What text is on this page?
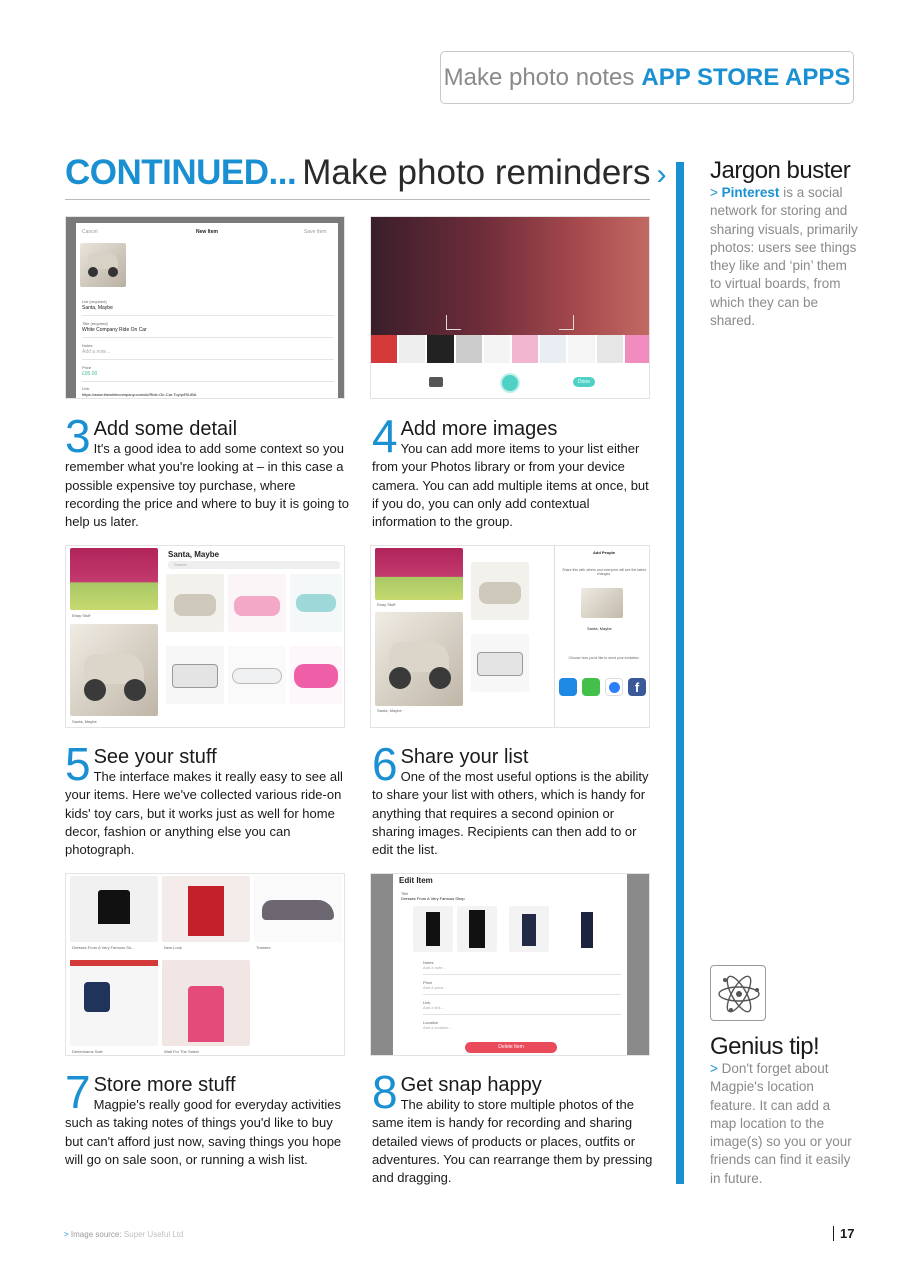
Make photo notes APP STORE APPS
CONTINUED... Make photo reminders ›
Cancel	New Item	Save Item
List (required)
Santa, Maybe
Title (required)
White Company Ride On Car
Notes
Add a note...
Price
£95.00
Link
https://www.thewhitecompany.com/uk/Ride-On-Car-Toy/p/RIUBA
Done
3 Add some detail
It's a good idea to add some context so you remember what you're looking at – in this case a possible expensive toy purchase, where recording the price and where to buy it is going to help us later.
4 Add more images
You can add more items to your list either from your Photos library or from your device camera. You can add multiple items at once, but if you do, you can only add contextual information to the group.
Ebay Stuff
Santa, Maybe
Santa, Maybe
Search
Ebay Stuff
Santa, Maybe
Add People
Share this with others and everyone will see the latest changes.
Santa, Maybe
Choose how you'd like to send your invitation:
f
5 See your stuff
The interface makes it really easy to see all your items. Here we've collected various ride-on kids' toy cars, but it works just as well for home decor, fashion or anything else you can photograph.
6 Share your list
One of the most useful options is the ability to share your list with others, which is handy for anything that requires a second opinion or sharing images. Recipients can then add to or edit the list.
Dresses From A Very Famous Sh...	New Look	Trainers
Debenhams Sale	Wait For The Sales!
Edit Item
Title
Dresses From A Very Famous Shop
Notes
Add a note...
Price
Add a price...
Link
Add a link...
Location
Add a location...
Delete Item
7 Store more stuff
Magpie's really good for everyday activities such as taking notes of things you'd like to buy but can't afford just now, saving things you hope will go on sale soon, or running a wish list.
8 Get snap happy
The ability to store multiple photos of the same item is handy for recording and sharing detailed views of products or places, outfits or adventures. You can rearrange them by pressing and dragging.
Jargon buster
> Pinterest is a social network for storing and sharing visuals, primarily photos: users see things they like and ‘pin’ them to virtual boards, from which they can be shared.
Genius tip!
> Don't forget about Magpie's location feature. It can add a map location to the image(s) so you or your friends can find it easily in future.
> Image source: Super Useful Ltd	17
